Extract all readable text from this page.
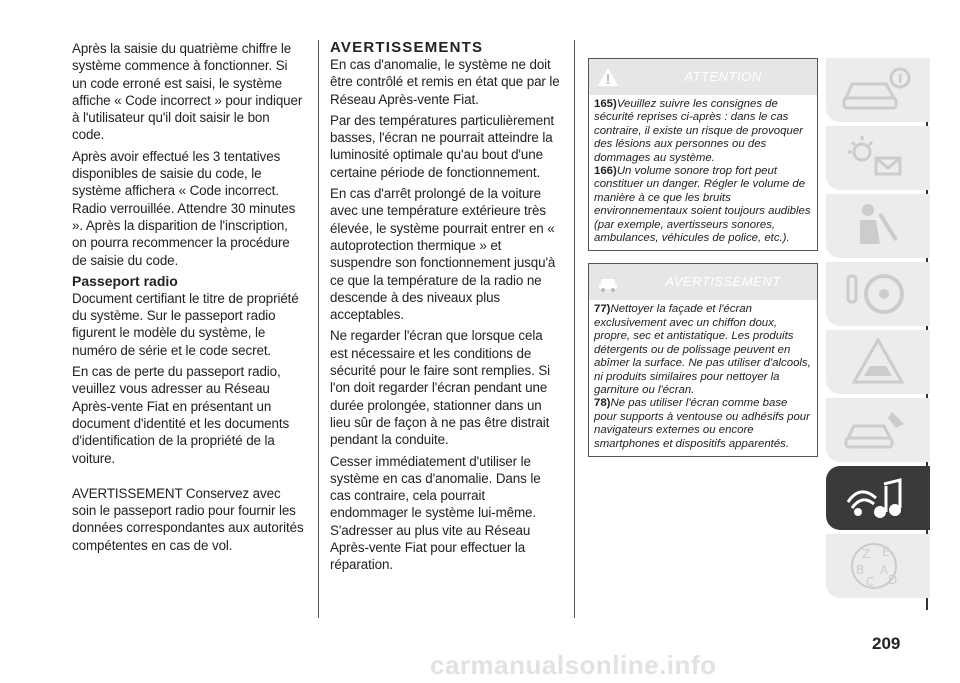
Après la saisie du quatrième chiffre le système commence à fonctionner. Si un code erroné est saisi, le système affiche « Code incorrect » pour indiquer à l'utilisateur qu'il doit saisir le bon code.

Après avoir effectué les 3 tentatives disponibles de saisie du code, le système affichera « Code incorrect. Radio verrouillée. Attendre 30 minutes ». Après la disparition de l'inscription, on pourra recommencer la procédure de saisie du code.

Passeport radio

Document certifiant le titre de propriété du système. Sur le passeport radio figurent le modèle du système, le numéro de série et le code secret.

En cas de perte du passeport radio, veuillez vous adresser au Réseau Après-vente Fiat en présentant un document d'identité et les documents d'identification de la propriété de la voiture.

AVERTISSEMENT Conservez avec soin le passeport radio pour fournir les données correspondantes aux autorités compétentes en cas de vol.

AVERTISSEMENTS

En cas d'anomalie, le système ne doit être contrôlé et remis en état que par le Réseau Après-vente Fiat.

Par des températures particulièrement basses, l'écran ne pourrait atteindre la luminosité optimale qu'au bout d'une certaine période de fonctionnement.

En cas d'arrêt prolongé de la voiture avec une température extérieure très élevée, le système pourrait entrer en « autoprotection thermique » et suspendre son fonctionnement jusqu'à ce que la température de la radio ne descende à des niveaux plus acceptables.

Ne regarder l'écran que lorsque cela est nécessaire et les conditions de sécurité pour le faire sont remplies. Si l'on doit regarder l'écran pendant une durée prolongée, stationner dans un lieu sûr de façon à ne pas être distrait pendant la conduite.

Cesser immédiatement d'utiliser le système en cas d'anomalie. Dans le cas contraire, cela pourrait endommager le système lui-même. S'adresser au plus vite au Réseau Après-vente Fiat pour effectuer la réparation.

ATTENTION

165)Veuillez suivre les consignes de sécurité reprises ci-après : dans le cas contraire, il existe un risque de provoquer des lésions aux personnes ou des dommages au système.

166)Un volume sonore trop fort peut constituer un danger. Régler le volume de manière à ce que les bruits environnementaux soient toujours audibles (par exemple, avertisseurs sonores, ambulances, véhicules de police, etc.).

AVERTISSEMENT

77)Nettoyer la façade et l'écran exclusivement avec un chiffon doux, propre, sec et antistatique. Les produits détergents ou de polissage peuvent en abîmer la surface. Ne pas utiliser d'alcools, ni produits similaires pour nettoyer la garniture ou l'écran.

78)Ne pas utiliser l'écran comme base pour supports à ventouse ou adhésifs pour navigateurs externes ou encore smartphones et dispositifs apparentés.

Z E
B A
C D
209
carmanualsonline.info
